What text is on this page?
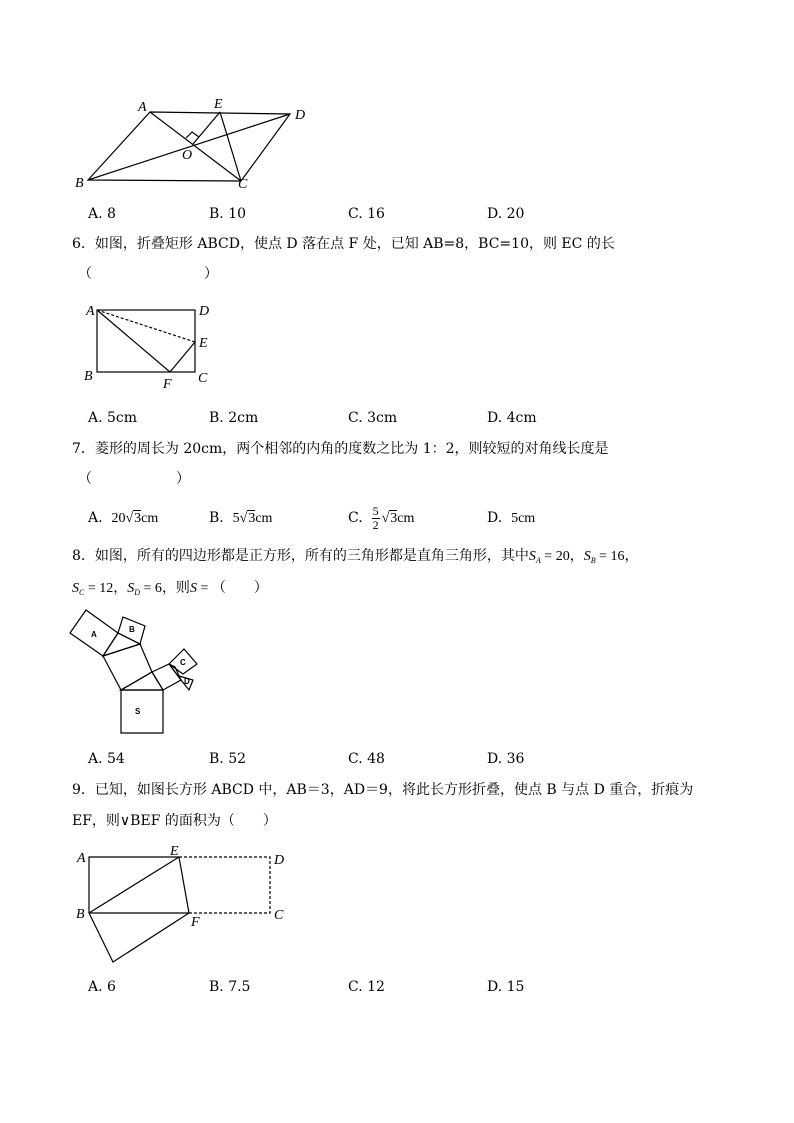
A	E
D
O
B	C
A. 8	B. 10	C. 16	D. 20
6．如图，折叠矩形 ABCD，使点 D 落在点 F 处，已知 AB=8，BC=10，则 EC 的长
（　　　　　　　　）
A	D
E
B
F C
A. 5cm	B. 2cm	C. 3cm	D. 4cm
7．菱形的周长为 20cm，两个相邻的内角的度数之比为 1：2，则较短的对角线长度是
（　　　　　　）
A. 20√3cm	B. 5√3cm	C. $\frac{5}{2} √3cm$	D. 5cm
8．如图，所有的四边形都是正方形，所有的三角形都是直角三角形，其中$S_A = 20$，$S_B = 16$，
$S_C = 12$，$S_D = 6$，则S = （　　）
A
B
C
D
S
A. 54	B. 52	C. 48	D. 36
9．已知，如图长方形 ABCD 中，AB＝3，AD＝9，将此长方形折叠，使点 B 与点 D 重合，折痕为
EF，则∨BEF 的面积为（　　）
A	E
D
B
F	C
A. 6	B. 7.5	C. 12	D. 15
